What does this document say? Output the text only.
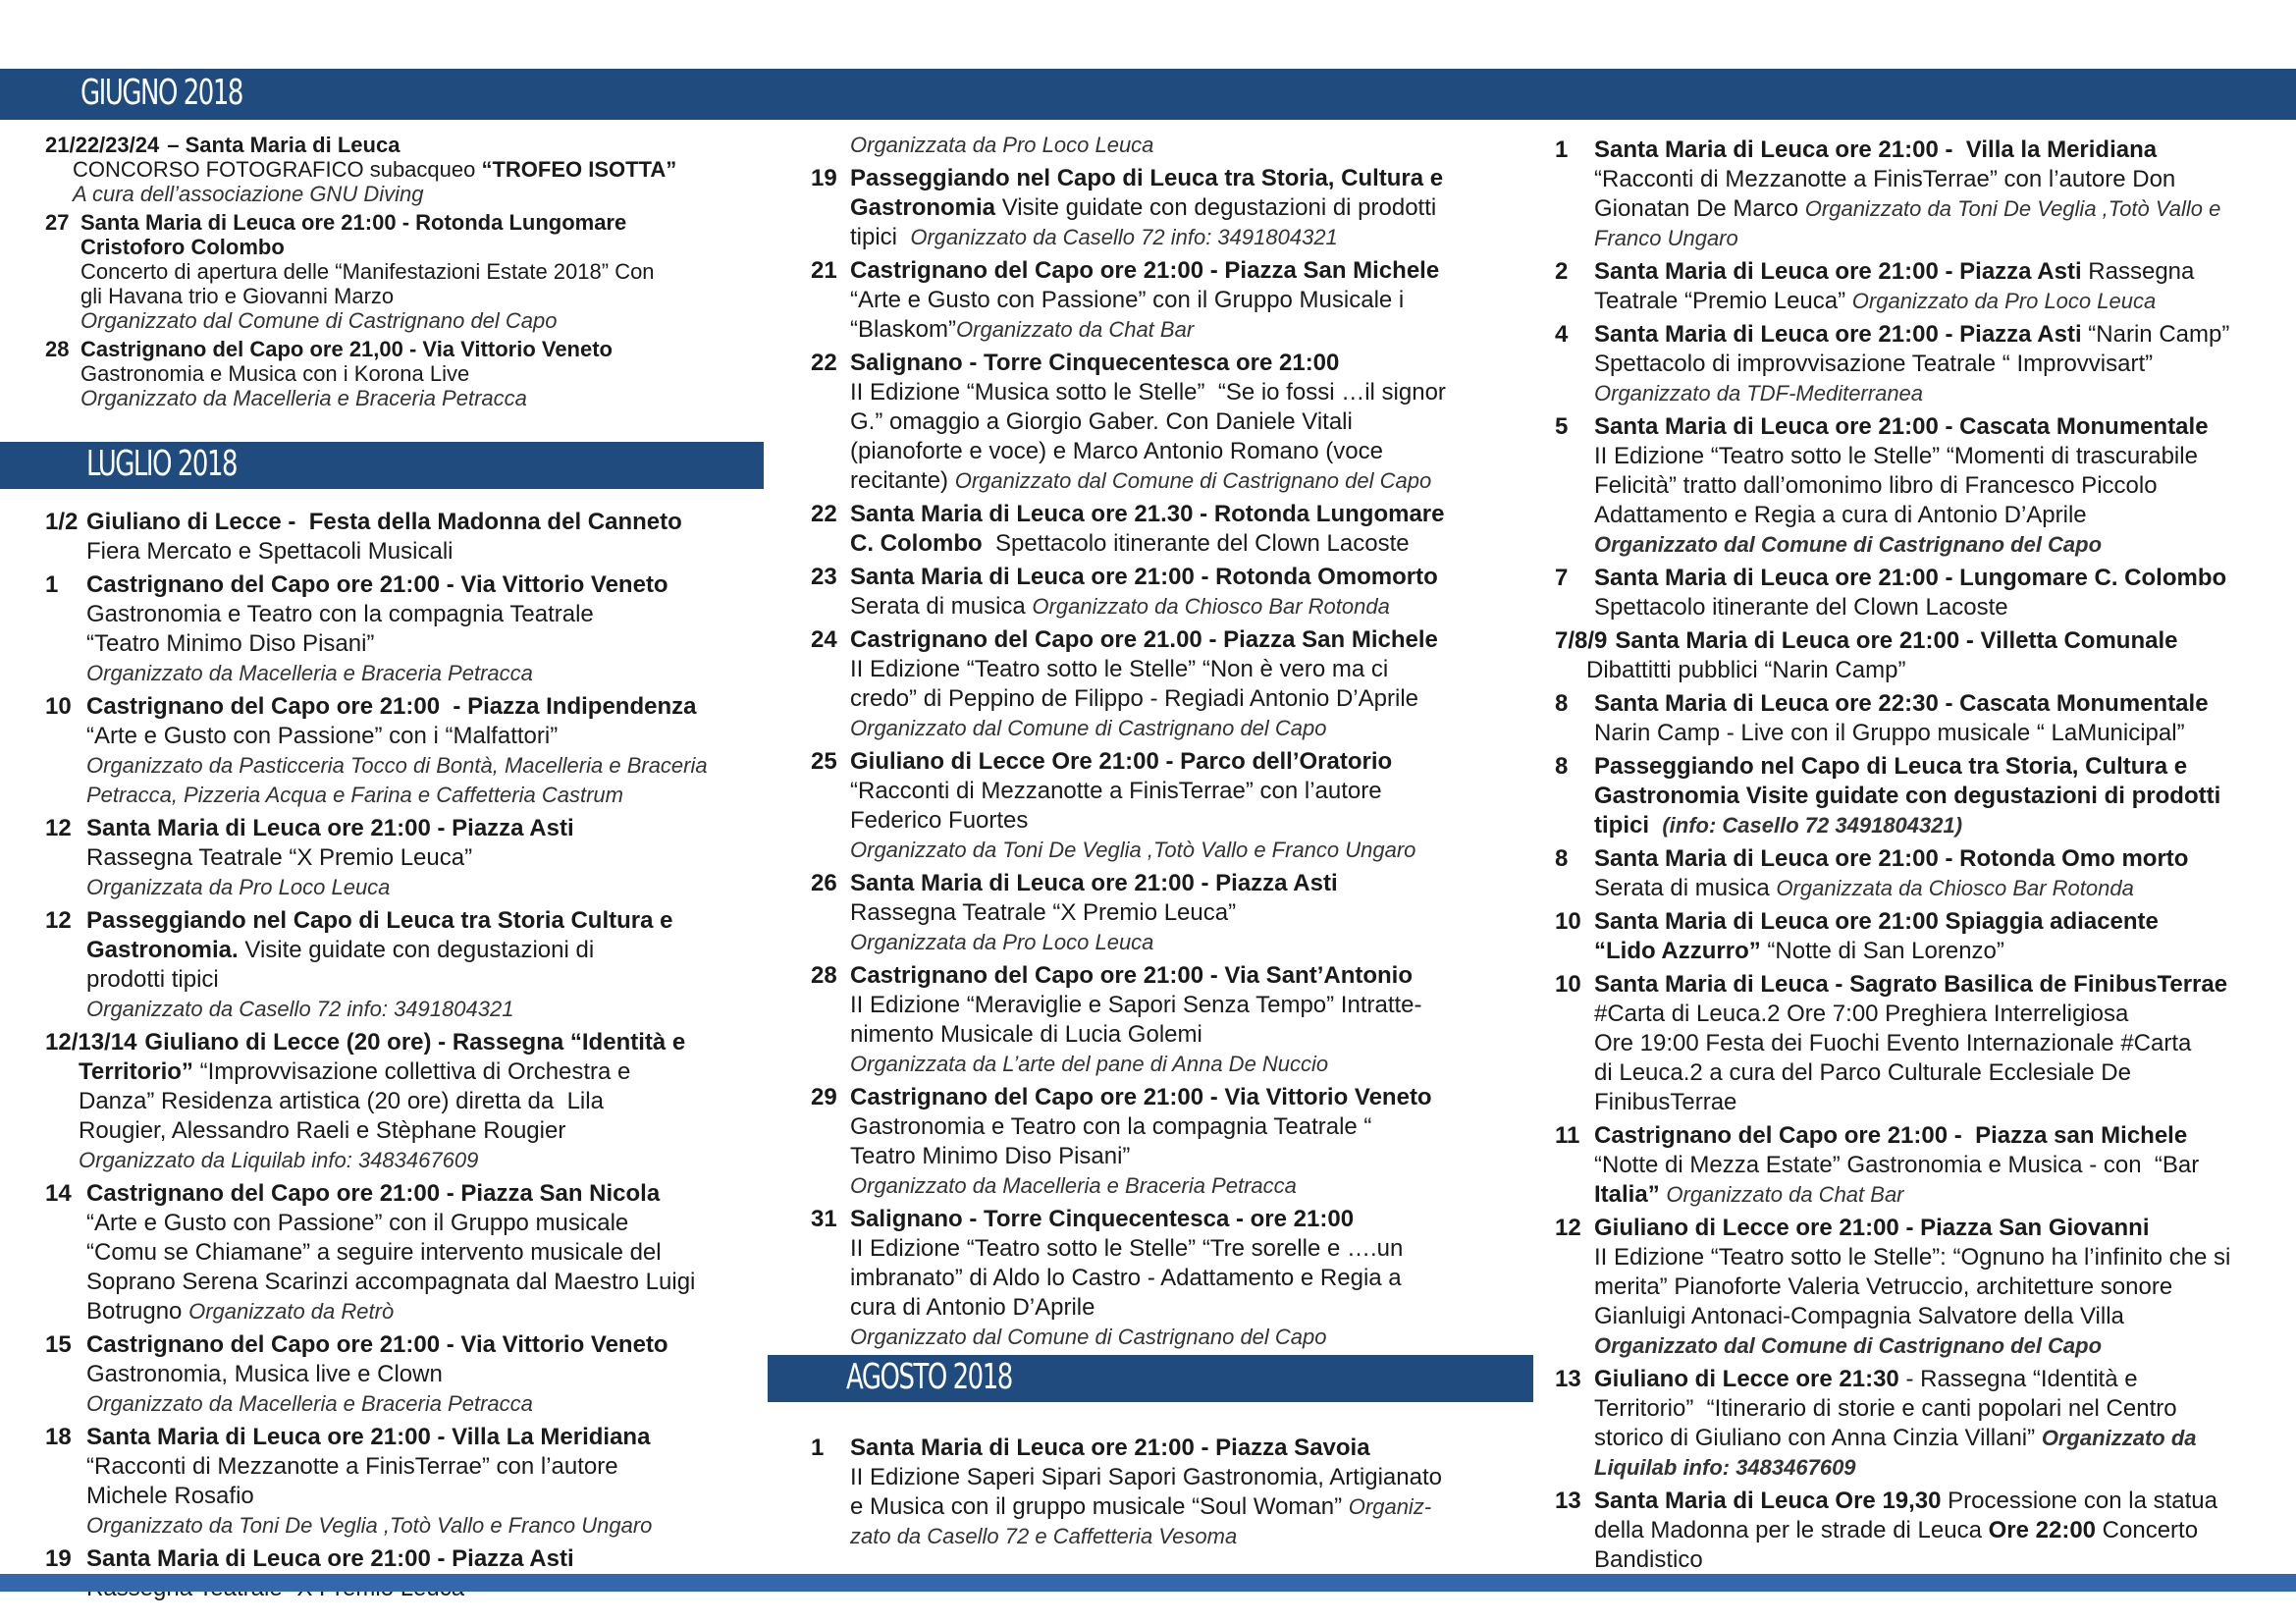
GIUGNO 2018
LUGLIO 2018
AGOSTO 2018
21/22/23/24 – Santa Maria di Leuca
CONCORSO FOTOGRAFICO subacqueo “TROFEO ISOTTA”
A cura dell’associazione GNU Diving
27 Santa Maria di Leuca ore 21:00 - Rotonda Lungomare
Cristoforo Colombo
Concerto di apertura delle “Manifestazioni Estate 2018” Con
gli Havana trio e Giovanni Marzo
Organizzato dal Comune di Castrignano del Capo
28 Castrignano del Capo ore 21,00 - Via Vittorio Veneto
Gastronomia e Musica con i Korona Live
Organizzato da Macelleria e Braceria Petracca
1/2 Giuliano di Lecce -  Festa della Madonna del Canneto
Fiera Mercato e Spettacoli Musicali
1	Castrignano del Capo ore 21:00 - Via Vittorio Veneto
Gastronomia e Teatro con la compagnia Teatrale
“Teatro Minimo Diso Pisani”
Organizzato da Macelleria e Braceria Petracca
10 Castrignano del Capo ore 21:00  - Piazza Indipendenza
“Arte e Gusto con Passione” con i “Malfattori”
Organizzato da Pasticceria Tocco di Bontà, Macelleria e Braceria
Petracca, Pizzeria Acqua e Farina e Caffetteria Castrum
12 Santa Maria di Leuca ore 21:00 - Piazza Asti
Rassegna Teatrale “X Premio Leuca”
Organizzata da Pro Loco Leuca
12 Passeggiando nel Capo di Leuca tra Storia Cultura e
Gastronomia. Visite guidate con degustazioni di
prodotti tipici
Organizzato da Casello 72 info: 3491804321
12/13/14 Giuliano di Lecce (20 ore) - Rassegna “Identità e
Territorio” “Improvvisazione collettiva di Orchestra e
Danza” Residenza artistica (20 ore) diretta da  Lila
Rougier, Alessandro Raeli e Stèphane Rougier
Organizzato da Liquilab info: 3483467609
14 Castrignano del Capo ore 21:00 - Piazza San Nicola
“Arte e Gusto con Passione” con il Gruppo musicale
“Comu se Chiamane” a seguire intervento musicale del
Soprano Serena Scarinzi accompagnata dal Maestro Luigi
Botrugno Organizzato da Retrò
15 Castrignano del Capo ore 21:00 - Via Vittorio Veneto
Gastronomia, Musica live e Clown
Organizzato da Macelleria e Braceria Petracca
18 Santa Maria di Leuca ore 21:00 - Villa La Meridiana
“Racconti di Mezzanotte a FinisTerrae” con l’autore
Michele Rosafio
Organizzato da Toni De Veglia ,Totò Vallo e Franco Ungaro
19 Santa Maria di Leuca ore 21:00 - Piazza Asti
Organizzata da Pro Loco Leuca
19 Passeggiando nel Capo di Leuca tra Storia, Cultura e
Gastronomia Visite guidate con degustazioni di prodotti
tipici Organizzato da Casello 72 info: 3491804321
21 Castrignano del Capo ore 21:00 - Piazza San Michele
“Arte e Gusto con Passione” con il Gruppo Musicale i
“Blaskom” Organizzato da Chat Bar
22 Salignano - Torre Cinquecentesca ore 21:00
II Edizione “Musica sotto le Stelle”  “Se io fossi …il signor
G.” omaggio a Giorgio Gaber. Con Daniele Vitali
(pianoforte e voce) e Marco Antonio Romano (voce
recitante) Organizzato dal Comune di Castrignano del Capo
22 Santa Maria di Leuca ore 21.30 - Rotonda Lungomare
C. Colombo Spettacolo itinerante del Clown Lacoste
23 Santa Maria di Leuca ore 21:00 - Rotonda Omomorto
Serata di musica Organizzato da Chiosco Bar Rotonda
24 Castrignano del Capo ore 21.00 - Piazza San Michele
II Edizione “Teatro sotto le Stelle” “Non è vero ma ci
credo” di Peppino de Filippo - Regiadi Antonio D’Aprile
Organizzato dal Comune di Castrignano del Capo
25 Giuliano di Lecce Ore 21:00 - Parco dell’Oratorio
“Racconti di Mezzanotte a FinisTerrae” con l’autore
Federico Fuortes
Organizzato da Toni De Veglia ,Totò Vallo e Franco Ungaro
26 Santa Maria di Leuca ore 21:00 - Piazza Asti
Rassegna Teatrale “X Premio Leuca”
Organizzata da Pro Loco Leuca
28 Castrignano del Capo ore 21:00 - Via Sant’Antonio
II Edizione “Meraviglie e Sapori Senza Tempo” Intratte-
nimento Musicale di Lucia Golemi
Organizzata da L’arte del pane di Anna De Nuccio
29 Castrignano del Capo ore 21:00 - Via Vittorio Veneto
Gastronomia e Teatro con la compagnia Teatrale “
Teatro Minimo Diso Pisani”
Organizzato da Macelleria e Braceria Petracca
31 Salignano - Torre Cinquecentesca - ore 21:00
II Edizione “Teatro sotto le Stelle” “Tre sorelle e ….un
imbranato” di Aldo lo Castro - Adattamento e Regia a
cura di Antonio D’Aprile
Organizzato dal Comune di Castrignano del Capo
1	Santa Maria di Leuca ore 21:00 - Piazza Savoia
II Edizione Saperi Sipari Sapori Gastronomia, Artigianato
e Musica con il gruppo musicale “Soul Woman” Organiz-
zato da Casello 72 e Caffetteria Vesoma
1	Santa Maria di Leuca ore 21:00 -  Villa la Meridiana
“Racconti di Mezzanotte a FinisTerrae” con l’autore Don
Gionatan De Marco Organizzato da Toni De Veglia ,Totò Vallo e
Franco Ungaro
2	Santa Maria di Leuca ore 21:00 - Piazza Asti Rassegna
Teatrale “Premio Leuca” Organizzato da Pro Loco Leuca
4	Santa Maria di Leuca ore 21:00 - Piazza Asti “Narin Camp”
Spettacolo di improvvisazione Teatrale “ Improvvisart”
Organizzato da TDF-Mediterranea
5	Santa Maria di Leuca ore 21:00 - Cascata Monumentale
II Edizione “Teatro sotto le Stelle” “Momenti di trascurabile
Felicità” tratto dall’omonimo libro di Francesco Piccolo
Adattamento e Regia a cura di Antonio D’Aprile
Organizzato dal Comune di Castrignano del Capo
7	Santa Maria di Leuca ore 21:00 - Lungomare C. Colombo
Spettacolo itinerante del Clown Lacoste
7/8/9 Santa Maria di Leuca ore 21:00 - Villetta Comunale
Dibattitti pubblici “Narin Camp”
8	Santa Maria di Leuca ore 22:30 - Cascata Monumentale
Narin Camp - Live con il Gruppo musicale “ LaMunicipal”
8	Passeggiando nel Capo di Leuca tra Storia, Cultura e
Gastronomia Visite guidate con degustazioni di prodotti
tipici (info: Casello 72 3491804321)
8	Santa Maria di Leuca ore 21:00 - Rotonda Omo morto
Serata di musica Organizzata da Chiosco Bar Rotonda
10 Santa Maria di Leuca ore 21:00 Spiaggia adiacente
“Lido Azzurro” “Notte di San Lorenzo”
10 Santa Maria di Leuca - Sagrato Basilica de FinibusTerrae
#Carta di Leuca.2 Ore 7:00 Preghiera Interreligiosa
Ore 19:00 Festa dei Fuochi Evento Internazionale #Carta
di Leuca.2 a cura del Parco Culturale Ecclesiale De
FinibusTerrae
11 Castrignano del Capo ore 21:00 -  Piazza san Michele
“Notte di Mezza Estate” Gastronomia e Musica - con  “Bar
Italia”
Organizzato da Chat Bar
12 Giuliano di Lecce ore 21:00 - Piazza San Giovanni
II Edizione “Teatro sotto le Stelle”: “Ognuno ha l’infinito che si
merita” Pianoforte Valeria Vetruccio, architetture sonore
Gianluigi Antonaci-Compagnia Salvatore della Villa
Organizzato dal Comune di Castrignano del Capo
13 Giuliano di Lecce ore 21:30 - Rassegna “Identità e
Territorio”  “Itinerario di storie e canti popolari nel Centro
storico di Giuliano con Anna Cinzia Villani” Organizzato da
Liquilab info: 3483467609
13 Santa Maria di Leuca Ore 19,30 Processione con la statua
della Madonna per le strade di Leuca Ore 22:00 Concerto
Bandistico
